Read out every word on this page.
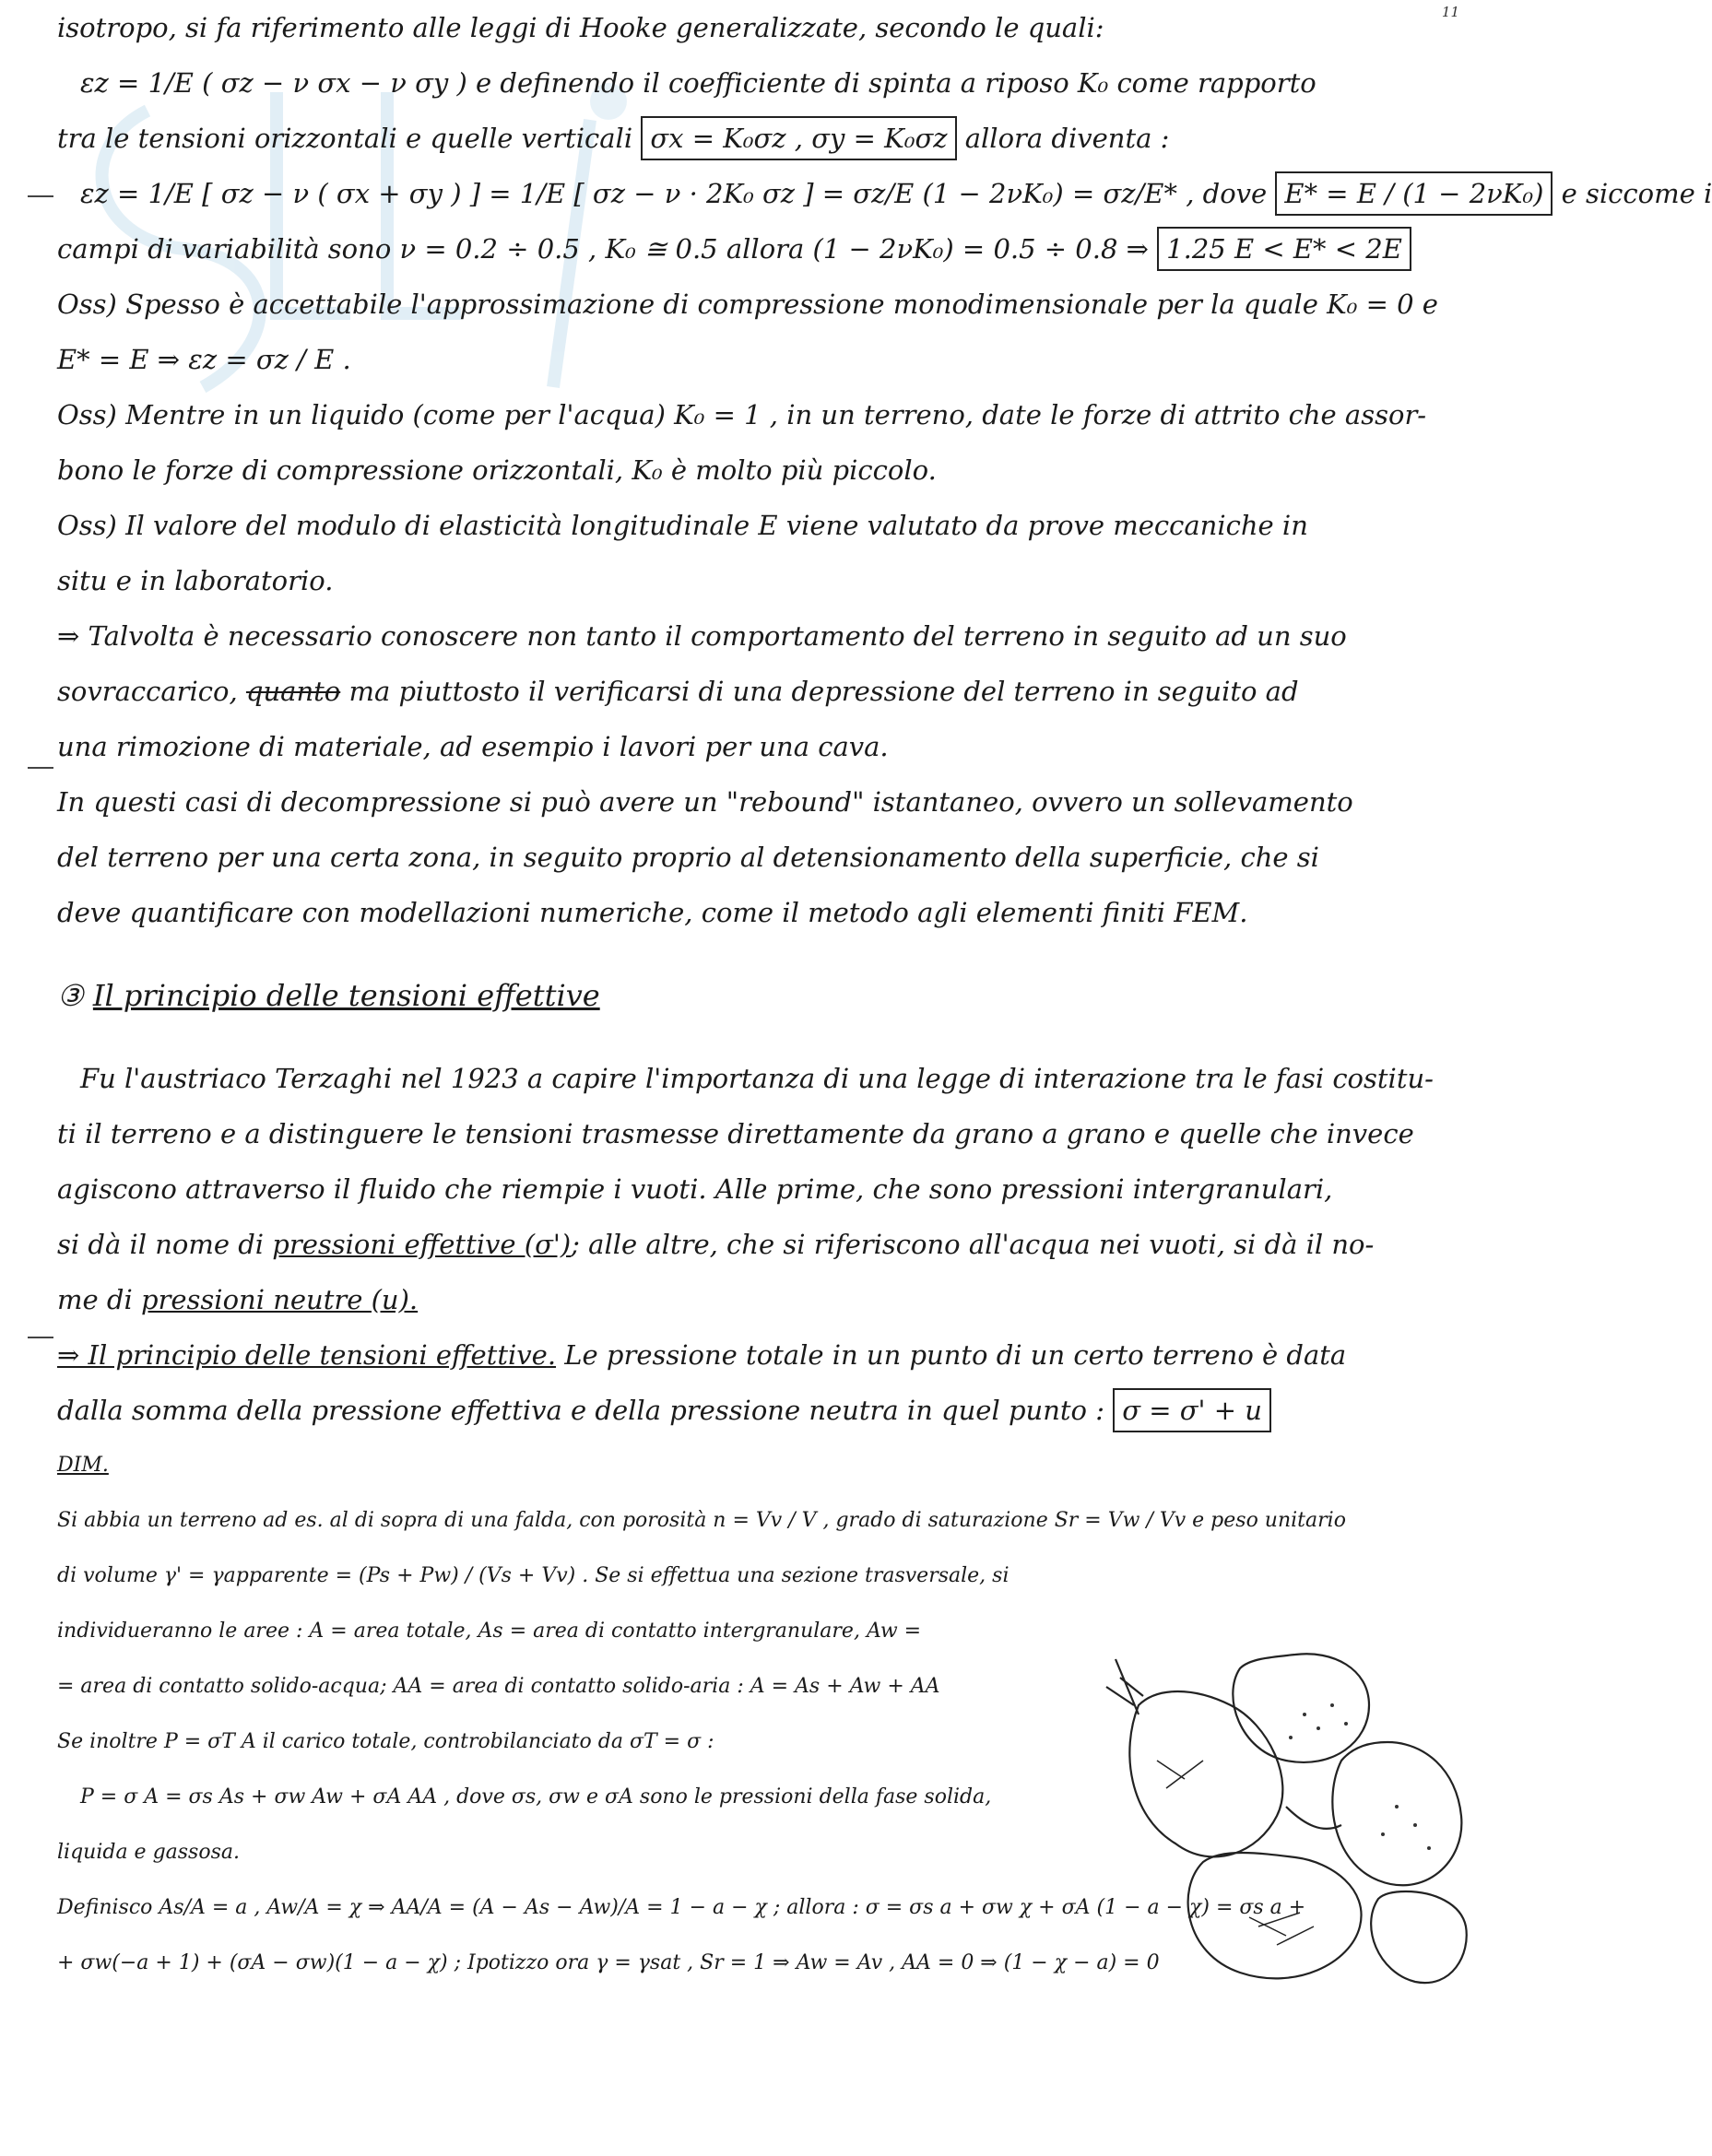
11
isotropo, si fa riferimento alle leggi di Hooke generalizzate, secondo le quali:
εz = 1/E ( σz − ν σx − ν σy ) e definendo il coefficiente di spinta a riposo K₀ come rapporto
tra le tensioni orizzontali e quelle verticali σx = K₀σz , σy = K₀σz allora diventa :
εz = 1/E [ σz − ν ( σx + σy ) ] = 1/E [ σz − ν · 2K₀ σz ] = σz/E (1 − 2νK₀) = σz/E* , dove E* = E / (1 − 2νK₀) e siccome i
campi di variabilità sono ν = 0.2 ÷ 0.5 , K₀ ≅ 0.5 allora (1 − 2νK₀) = 0.5 ÷ 0.8 ⇒ 1.25 E < E* < 2E
Oss) Spesso è accettabile l'approssimazione di compressione monodimensionale per la quale K₀ = 0 e
E* = E ⇒ εz = σz / E .
Oss) Mentre in un liquido (come per l'acqua) K₀ = 1 , in un terreno, date le forze di attrito che assor-
bono le forze di compressione orizzontali, K₀ è molto più piccolo.
Oss) Il valore del modulo di elasticità longitudinale E viene valutato da prove meccaniche in
situ e in laboratorio.
⇒ Talvolta è necessario conoscere non tanto il comportamento del terreno in seguito ad un suo
sovraccarico, quanto ma piuttosto il verificarsi di una depressione del terreno in seguito ad
una rimozione di materiale, ad esempio i lavori per una cava.
In questi casi di decompressione si può avere un "rebound" istantaneo, ovvero un sollevamento
del terreno per una certa zona, in seguito proprio al detensionamento della superficie, che si
deve quantificare con modellazioni numeriche, come il metodo agli elementi finiti FEM.
③ Il principio delle tensioni effettive
Fu l'austriaco Terzaghi nel 1923 a capire l'importanza di una legge di interazione tra le fasi costitu-
ti il terreno e a distinguere le tensioni trasmesse direttamente da grano a grano e quelle che invece
agiscono attraverso il fluido che riempie i vuoti. Alle prime, che sono pressioni intergranulari,
si dà il nome di pressioni effettive (σ'); alle altre, che si riferiscono all'acqua nei vuoti, si dà il no-
me di pressioni neutre (u).
⇒ Il principio delle tensioni effettive. Le pressione totale in un punto di un certo terreno è data
dalla somma della pressione effettiva e della pressione neutra in quel punto : σ = σ' + u
DIM.
Si abbia un terreno ad es. al di sopra di una falda, con porosità n = Vv / V , grado di saturazione Sr = Vw / Vv e peso unitario
di volume γ' = γapparente = (Ps + Pw) / (Vs + Vv) . Se si effettua una sezione trasversale, si
individueranno le aree : A = area totale, As = area di contatto intergranulare, Aw =
= area di contatto solido-acqua; AA = area di contatto solido-aria : A = As + Aw + AA
Se inoltre P = σT A il carico totale, controbilanciato da σT = σ :
P = σ A = σs As + σw Aw + σA AA , dove σs, σw e σA sono le pressioni della fase solida,
liquida e gassosa.
Definisco As/A = a , Aw/A = χ ⇒ AA/A = (A − As − Aw)/A = 1 − a − χ ; allora : σ = σs a + σw χ + σA (1 − a − χ) = σs a +
+ σw(−a + 1) + (σA − σw)(1 − a − χ) ; Ipotizzo ora γ = γsat , Sr = 1 ⇒ Aw = Av , AA = 0 ⇒ (1 − χ − a) = 0
